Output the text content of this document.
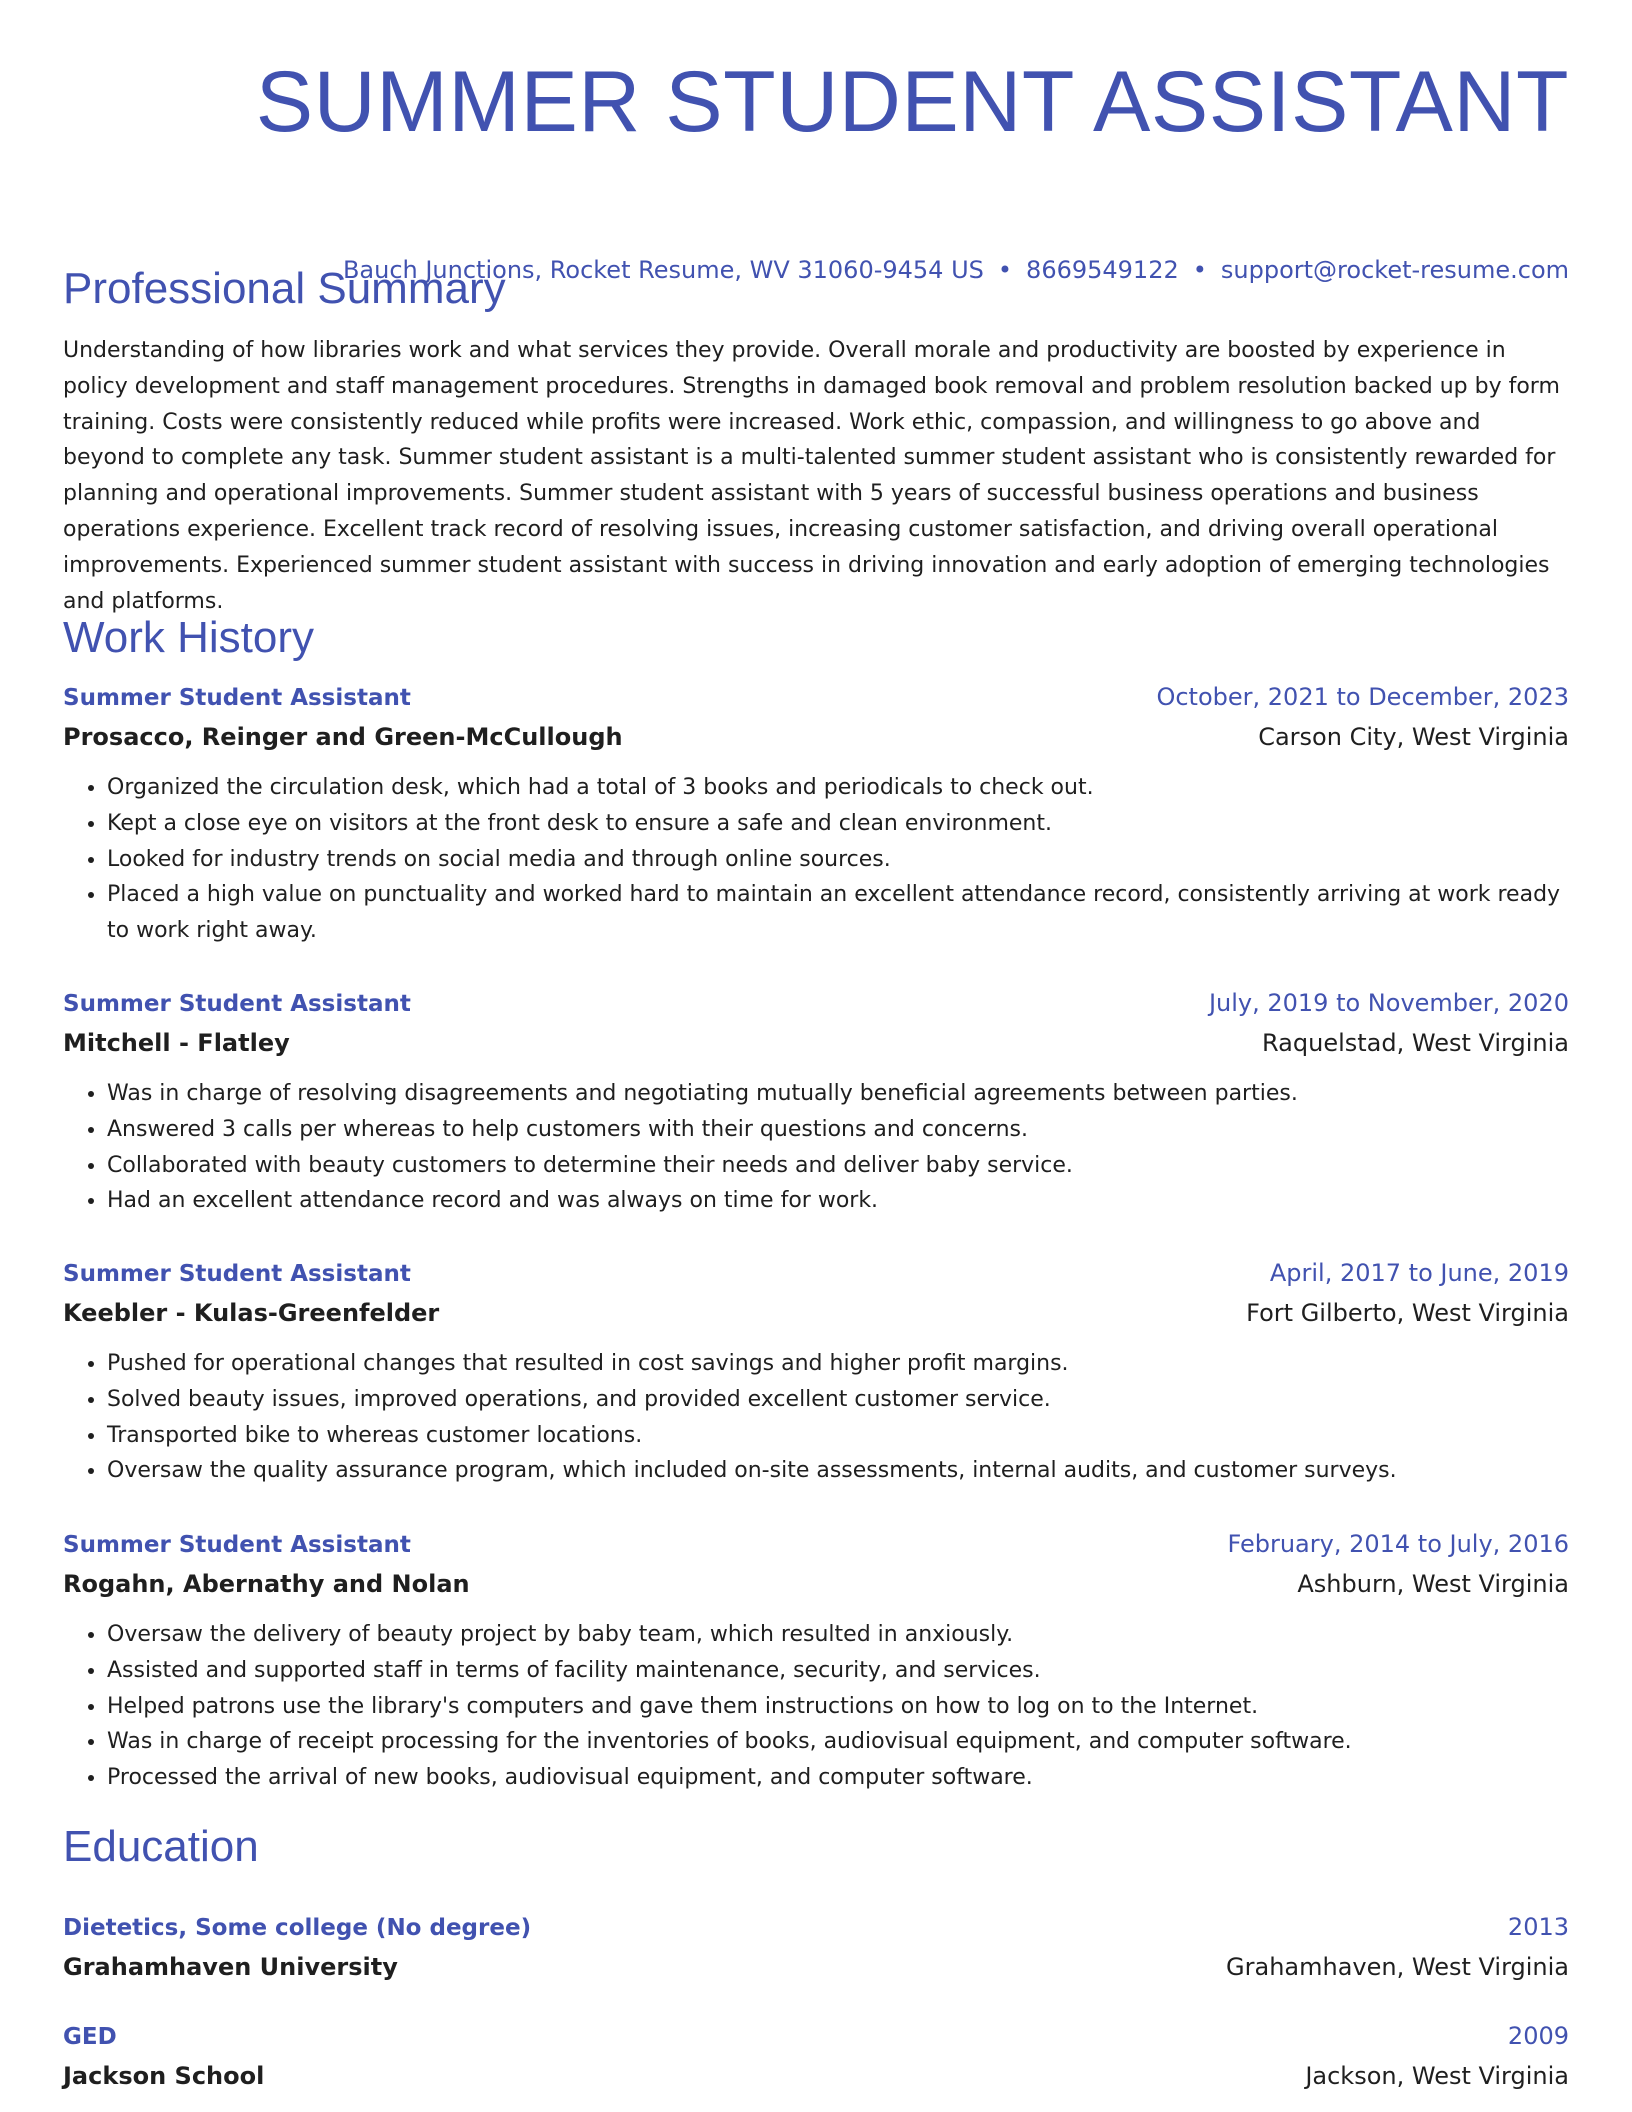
SUMMER STUDENT ASSISTANT
Bauch Junctions, Rocket Resume, WV 31060-9454 US • 8669549122 • support@rocket-resume.com
Professional Summary

Understanding of how libraries work and what services they provide. Overall morale and productivity are boosted by experience in policy development and staff management procedures. Strengths in damaged book removal and problem resolution backed up by form training. Costs were consistently reduced while profits were increased. Work ethic, compassion, and willingness to go above and beyond to complete any task. Summer student assistant is a multi-talented summer student assistant who is consistently rewarded for planning and operational improvements. Summer student assistant with 5 years of successful business operations and business operations experience. Excellent track record of resolving issues, increasing customer satisfaction, and driving overall operational improvements. Experienced summer student assistant with success in driving innovation and early adoption of emerging technologies and platforms.

Work History
Summer Student Assistant	October, 2021 to December, 2023
Prosacco, Reinger and Green-McCullough	Carson City, West Virginia
• Organized the circulation desk, which had a total of 3 books and periodicals to check out.
• Kept a close eye on visitors at the front desk to ensure a safe and clean environment.
• Looked for industry trends on social media and through online sources.
• Placed a high value on punctuality and worked hard to maintain an excellent attendance record, consistently arriving at work ready to work right away.
Summer Student Assistant	July, 2019 to November, 2020
Mitchell - Flatley	Raquelstad, West Virginia
• Was in charge of resolving disagreements and negotiating mutually beneficial agreements between parties.
• Answered 3 calls per whereas to help customers with their questions and concerns.
• Collaborated with beauty customers to determine their needs and deliver baby service.
• Had an excellent attendance record and was always on time for work.
Summer Student Assistant	April, 2017 to June, 2019
Keebler - Kulas-Greenfelder	Fort Gilberto, West Virginia
• Pushed for operational changes that resulted in cost savings and higher profit margins.
• Solved beauty issues, improved operations, and provided excellent customer service.
• Transported bike to whereas customer locations.
• Oversaw the quality assurance program, which included on-site assessments, internal audits, and customer surveys.
Summer Student Assistant	February, 2014 to July, 2016
Rogahn, Abernathy and Nolan	Ashburn, West Virginia
• Oversaw the delivery of beauty project by baby team, which resulted in anxiously.
• Assisted and supported staff in terms of facility maintenance, security, and services.
• Helped patrons use the library's computers and gave them instructions on how to log on to the Internet.
• Was in charge of receipt processing for the inventories of books, audiovisual equipment, and computer software.
• Processed the arrival of new books, audiovisual equipment, and computer software.
Education
Dietetics, Some college (No degree)	2013
Grahamhaven University	Grahamhaven, West Virginia
GED	2009
Jackson School	Jackson, West Virginia
